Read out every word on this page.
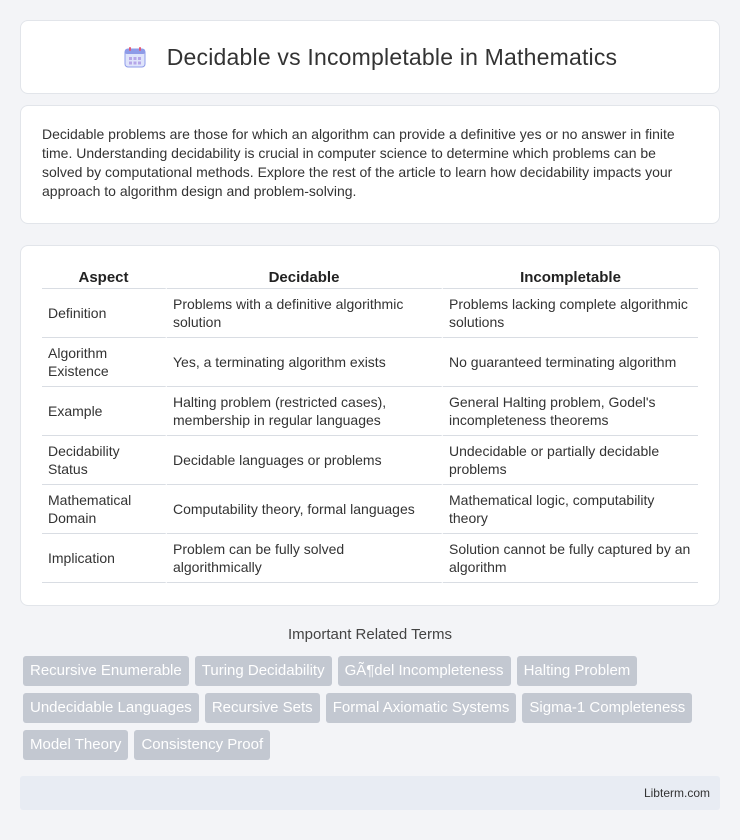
Decidable vs Incompletable in Mathematics

Decidable problems are those for which an algorithm can provide a definitive yes or no answer in finite time. Understanding decidability is crucial in computer science to determine which problems can be solved by computational methods. Explore the rest of the article to learn how decidability impacts your approach to algorithm design and problem-solving.

Aspect	Decidable	Incompletable
Definition	Problems with a definitive algorithmic solution	Problems lacking complete algorithmic solutions
Algorithm Existence	Yes, a terminating algorithm exists	No guaranteed terminating algorithm
Example	Halting problem (restricted cases), membership in regular languages	General Halting problem, Godel's incompleteness theorems
Decidability Status	Decidable languages or problems	Undecidable or partially decidable problems
Mathematical Domain	Computability theory, formal languages	Mathematical logic, computability theory
Implication	Problem can be fully solved algorithmically	Solution cannot be fully captured by an algorithm
Important Related Terms
Recursive Enumerable	Turing Decidability	GÃ¶del Incompleteness	Halting Problem
Undecidable Languages	Recursive Sets	Formal Axiomatic Systems	Sigma-1 Completeness
Model Theory	Consistency Proof
Libterm.com
